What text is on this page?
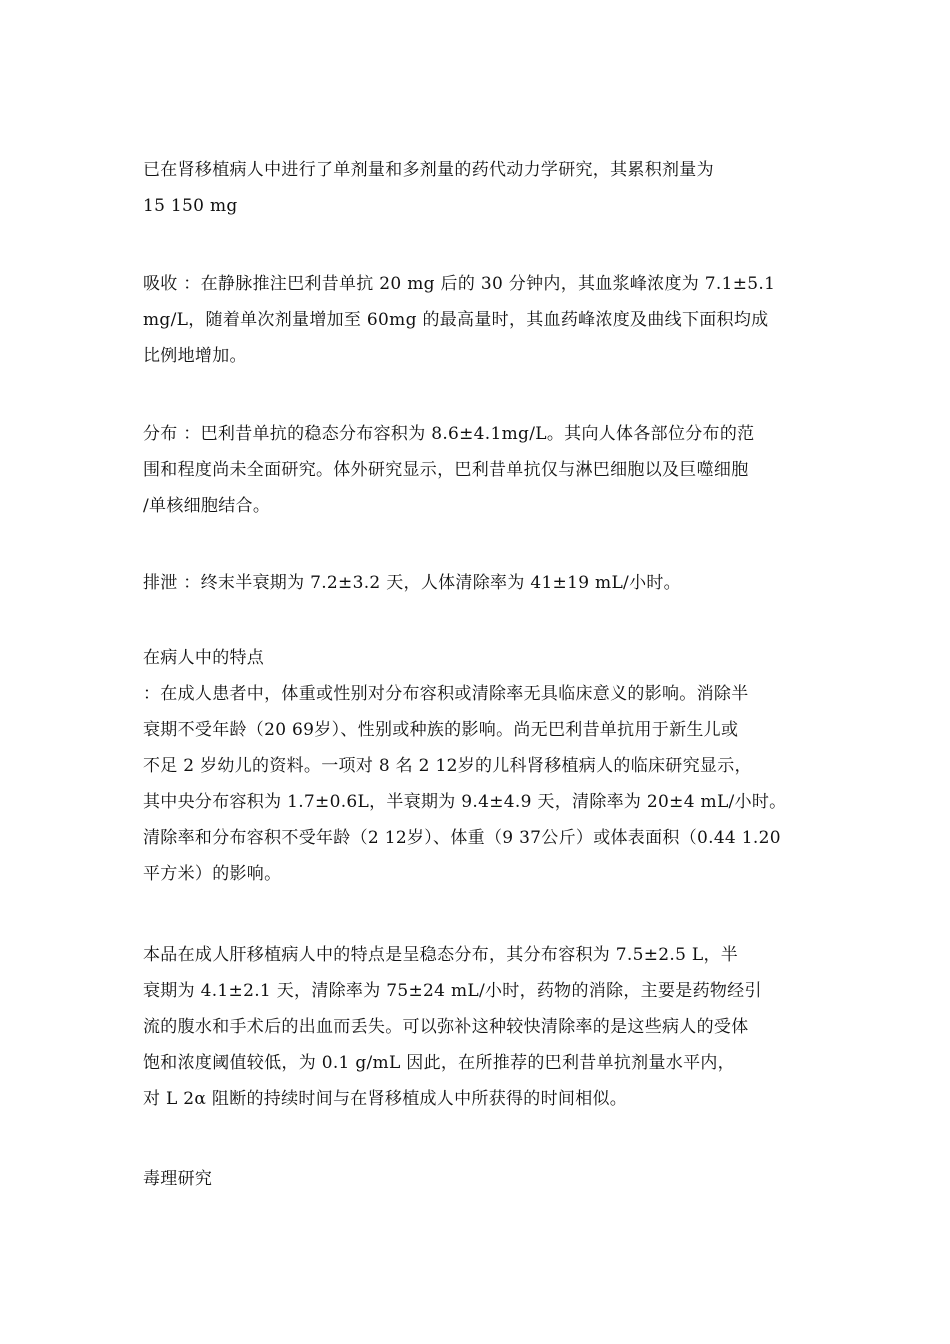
已在肾移植病人中进行了单剂量和多剂量的药代动力学研究，其累积剂量为
15 150 mg
吸收 ：在静脉推注巴利昔单抗 20 mg 后的 30 分钟内，其血浆峰浓度为 7.1±5.1
mg/L，随着单次剂量增加至 60mg 的最高量时，其血药峰浓度及曲线下面积均成
比例地增加。
分布 ：巴利昔单抗的稳态分布容积为 8.6±4.1mg/L。其向人体各部位分布的范
围和程度尚未全面研究。体外研究显示，巴利昔单抗仅与淋巴细胞以及巨噬细胞
/单核细胞结合。
排泄 ：终末半衰期为 7.2±3.2 天，人体清除率为 41±19 mL/小时。
在病人中的特点
：在成人患者中，体重或性别对分布容积或清除率无具临床意义的影响。消除半
衰期不受年龄（20 69岁）、性别或种族的影响。尚无巴利昔单抗用于新生儿或
不足 2 岁幼儿的资料。一项对 8 名 2 12岁的儿科肾移植病人的临床研究显示，
其中央分布容积为 1.7±0.6L，半衰期为 9.4±4.9 天，清除率为 20±4 mL/小时。
清除率和分布容积不受年龄（2 12岁）、体重（9 37公斤）或体表面积（0.44 1.20
平方米）的影响。
本品在成人肝移植病人中的特点是呈稳态分布，其分布容积为 7.5±2.5 L，半
衰期为 4.1±2.1 天，清除率为 75±24 mL/小时，药物的消除，主要是药物经引
流的腹水和手术后的出血而丢失。可以弥补这种较快清除率的是这些病人的受体
饱和浓度阈值较低，为 0.1 g/mL 因此，在所推荐的巴利昔单抗剂量水平内，
对 L 2α 阻断的持续时间与在肾移植成人中所获得的时间相似。
毒理研究
